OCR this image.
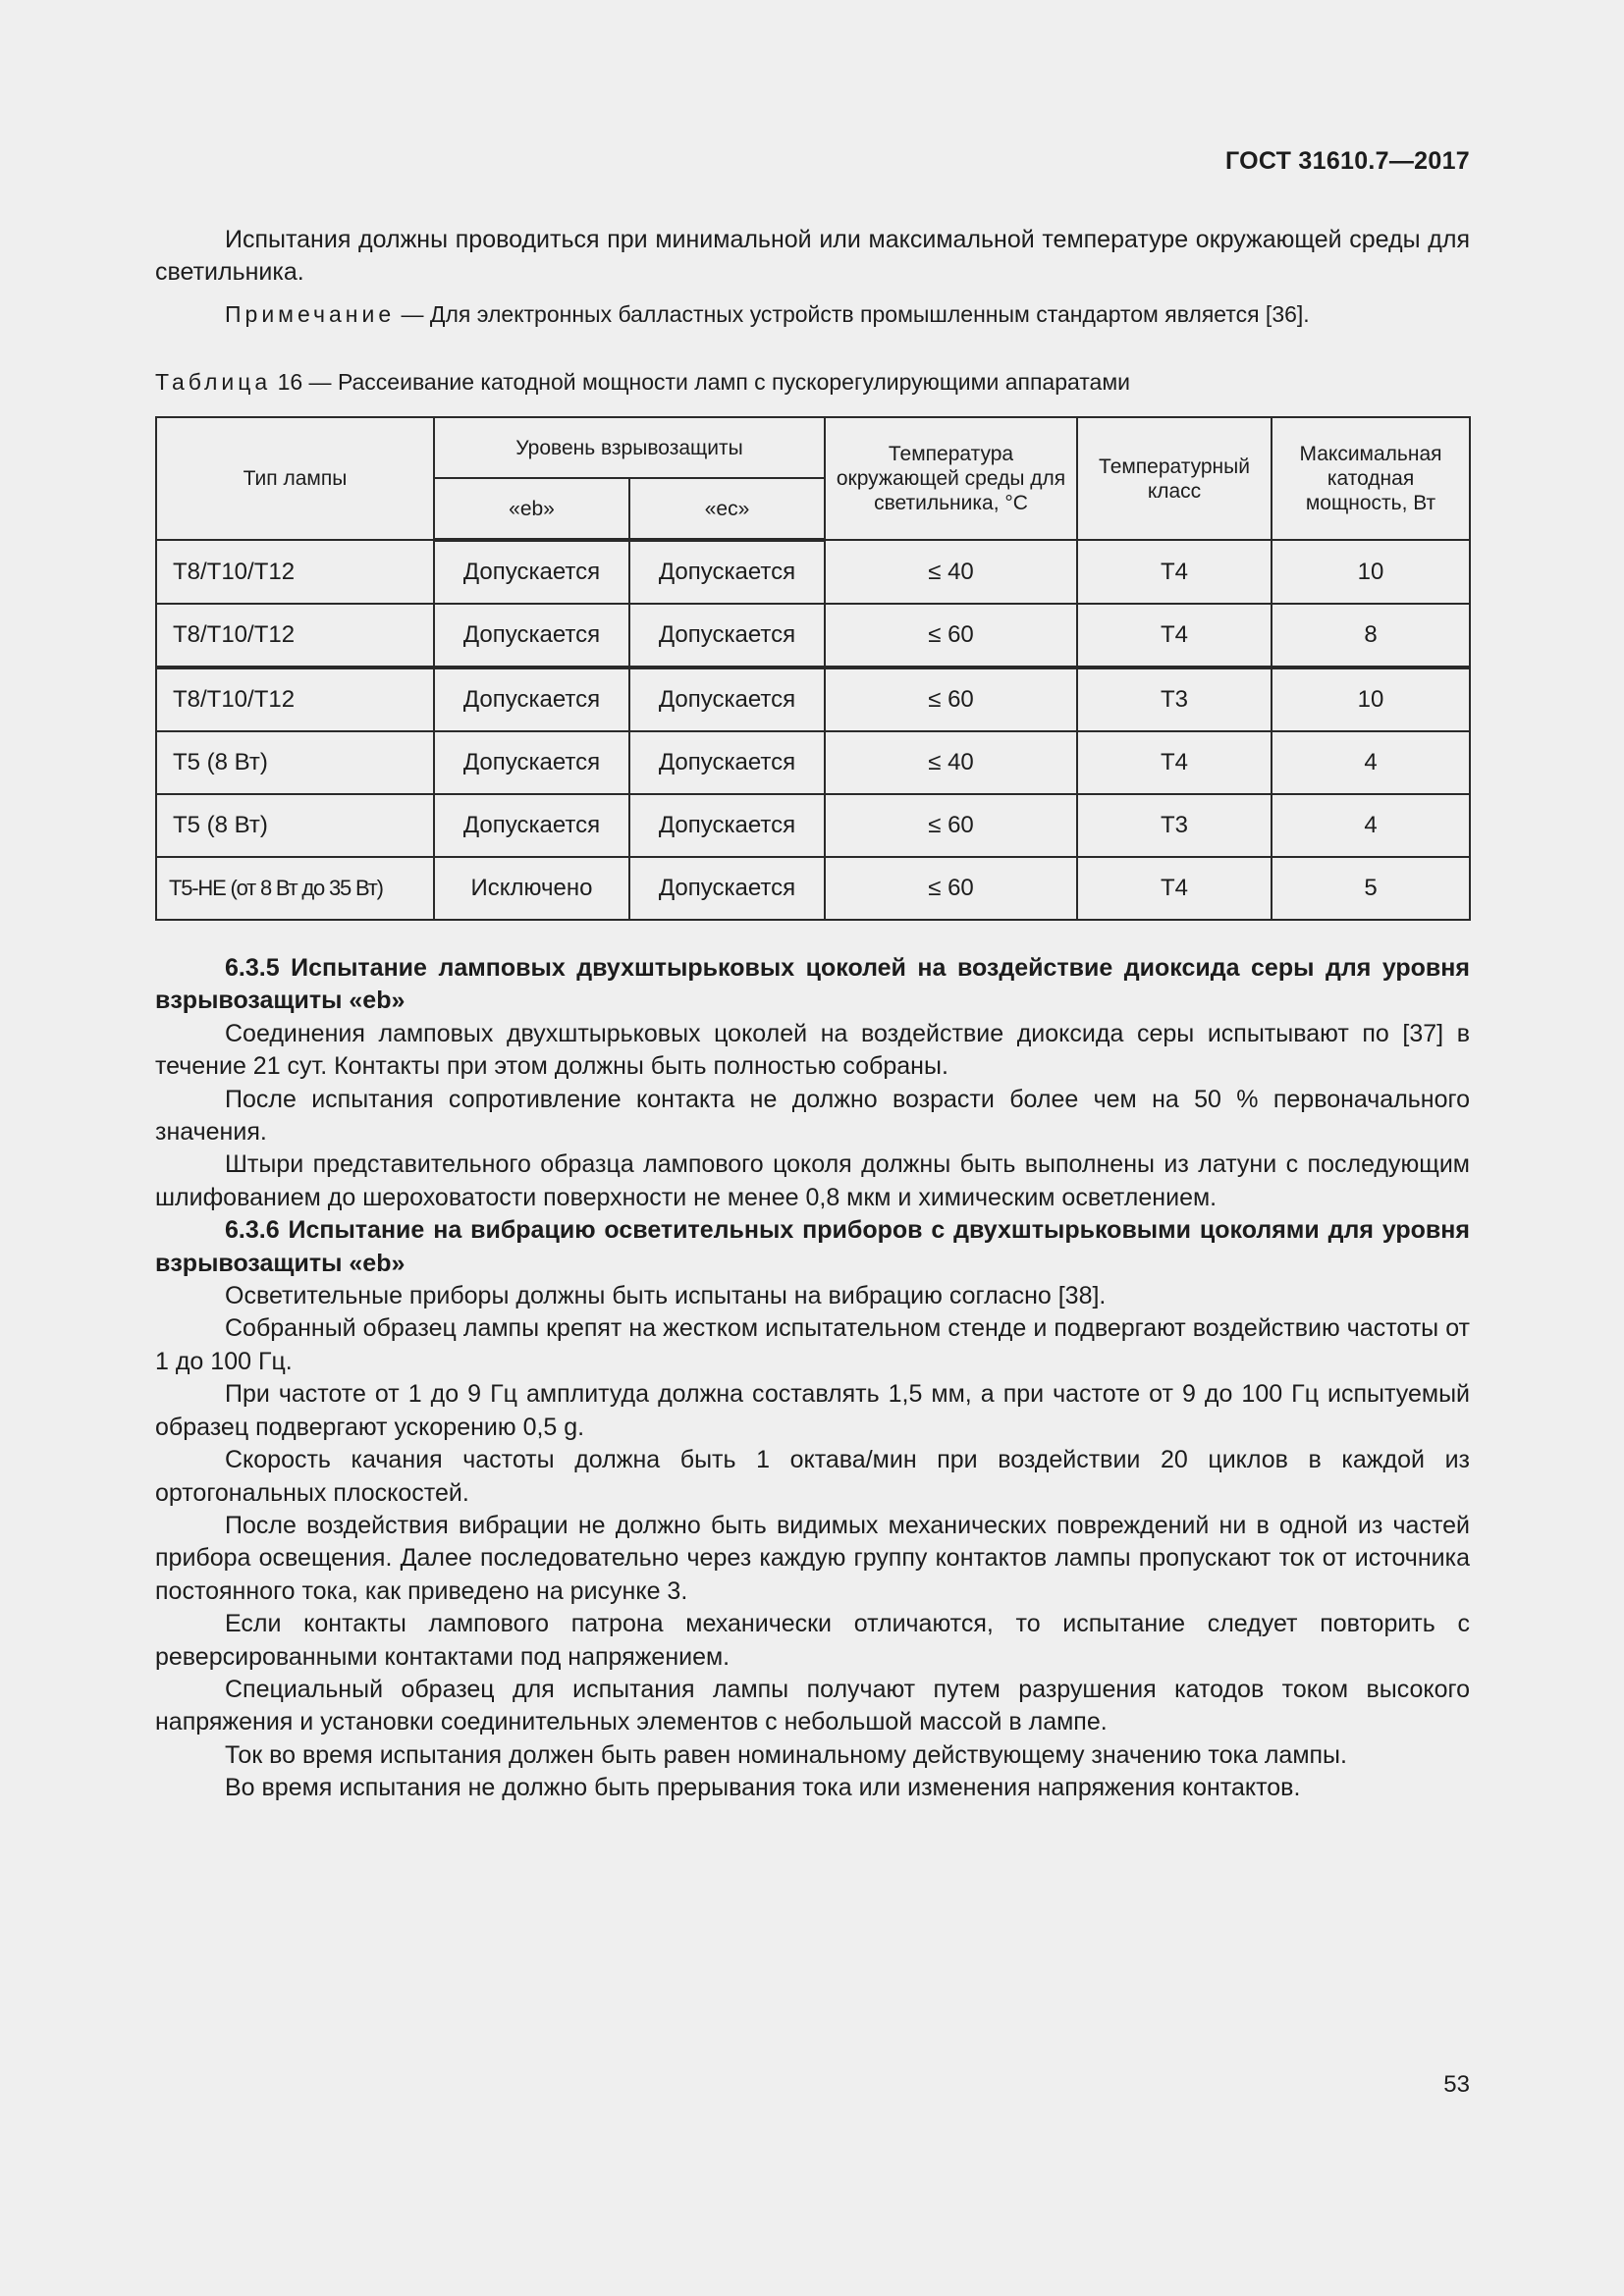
ГОСТ 31610.7—2017

Испытания должны проводиться при минимальной или максимальной температуре окружающей среды для светильника.

Примечание — Для электронных балластных устройств промышленным стандартом является [36].

Таблица 16 — Рассеивание катодной мощности ламп с пускорегулирующими аппаратами
Тип лампы	Уровень взрывозащиты		Температура окружающей среды для светильника, °С	Температурный класс	Максимальная катодная мощность, Вт
	«eb»	«ec»			
Т8/Т10/Т12	Допускается	Допускается	≤ 40	Т4	10
Т8/Т10/Т12	Допускается	Допускается	≤ 60	Т4	8
Т8/Т10/Т12	Допускается	Допускается	≤ 60	Т3	10
Т5 (8 Вт)	Допускается	Допускается	≤ 40	Т4	4
Т5 (8 Вт)	Допускается	Допускается	≤ 60	Т3	4
Т5-НЕ (от 8 Вт до 35 Вт)	Исключено	Допускается	≤ 60	Т4	5

6.3.5 Испытание ламповых двухштырьковых цоколей на воздействие диоксида серы для уровня взрывозащиты «eb»

Соединения ламповых двухштырьковых цоколей на воздействие диоксида серы испытывают по [37] в течение 21 сут. Контакты при этом должны быть полностью собраны.

После испытания сопротивление контакта не должно возрасти более чем на 50 % первоначального значения.

Штыри представительного образца лампового цоколя должны быть выполнены из латуни с последующим шлифованием до шероховатости поверхности не менее 0,8 мкм и химическим осветлением.

6.3.6 Испытание на вибрацию осветительных приборов с двухштырьковыми цоколями для уровня взрывозащиты «eb»

Осветительные приборы должны быть испытаны на вибрацию согласно [38].

Собранный образец лампы крепят на жестком испытательном стенде и подвергают воздействию частоты от 1 до 100 Гц.

При частоте от 1 до 9 Гц амплитуда должна составлять 1,5 мм, а при частоте от 9 до 100 Гц испытуемый образец подвергают ускорению 0,5 g.

Скорость качания частоты должна быть 1 октава/мин при воздействии 20 циклов в каждой из ортогональных плоскостей.

После воздействия вибрации не должно быть видимых механических повреждений ни в одной из частей прибора освещения. Далее последовательно через каждую группу контактов лампы пропускают ток от источника постоянного тока, как приведено на рисунке 3.

Если контакты лампового патрона механически отличаются, то испытание следует повторить с реверсированными контактами под напряжением.

Специальный образец для испытания лампы получают путем разрушения катодов током высокого напряжения и установки соединительных элементов с небольшой массой в лампе.

Ток во время испытания должен быть равен номинальному действующему значению тока лампы.

Во время испытания не должно быть прерывания тока или изменения напряжения контактов.

53
